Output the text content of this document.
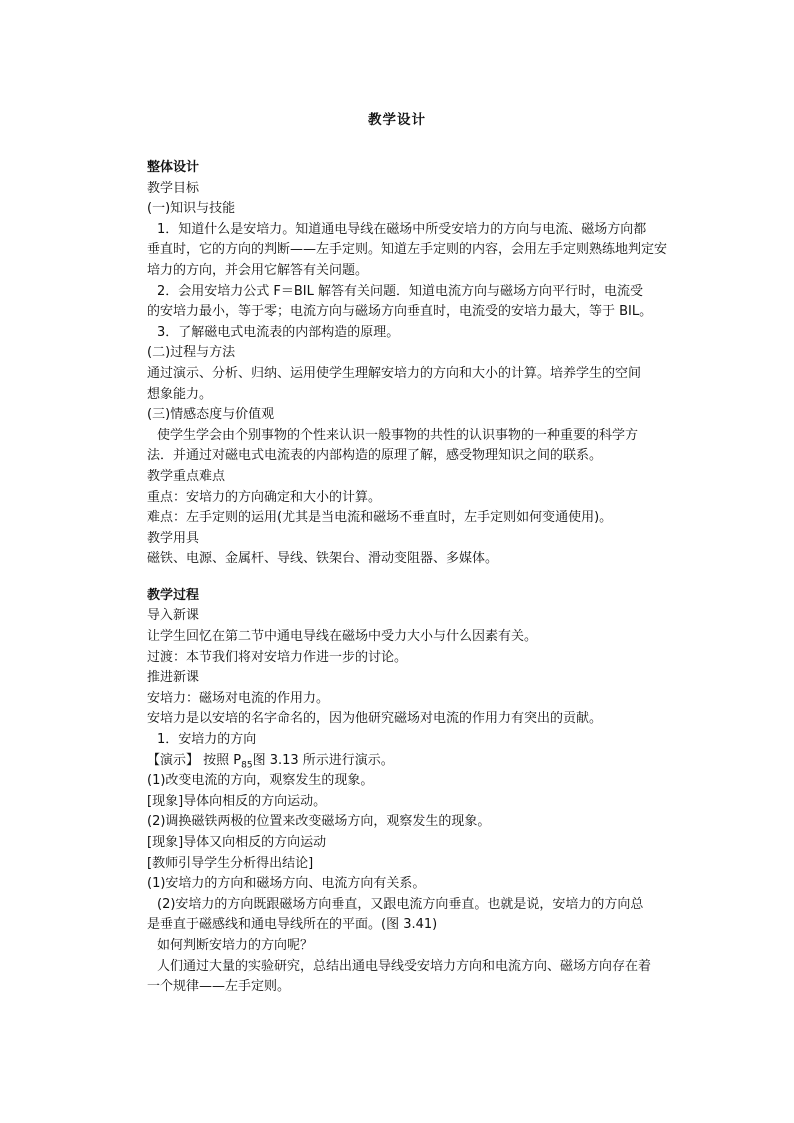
教学设计
整体设计
教学目标
(一)知识与技能
1．知道什么是安培力。知道通电导线在磁场中所受安培力的方向与电流、磁场方向都
垂直时，它的方向的判断——左手定则。知道左手定则的内容，会用左手定则熟练地判定安
培力的方向，并会用它解答有关问题。
2．会用安培力公式 F＝BIL 解答有关问题．知道电流方向与磁场方向平行时，电流受
的安培力最小，等于零；电流方向与磁场方向垂直时，电流受的安培力最大，等于 BIL。
3．了解磁电式电流表的内部构造的原理。
(二)过程与方法
通过演示、分析、归纳、运用使学生理解安培力的方向和大小的计算。培养学生的空间
想象能力。
(三)情感态度与价值观
使学生学会由个别事物的个性来认识一般事物的共性的认识事物的一种重要的科学方
法．并通过对磁电式电流表的内部构造的原理了解，感受物理知识之间的联系。
教学重点难点
重点：安培力的方向确定和大小的计算。
难点：左手定则的运用(尤其是当电流和磁场不垂直时，左手定则如何变通使用)。
教学用具
磁铁、电源、金属杆、导线、铁架台、滑动变阻器、多媒体。
教学过程
导入新课
让学生回忆在第二节中通电导线在磁场中受力大小与什么因素有关。
过渡：本节我们将对安培力作进一步的讨论。
推进新课
安培力：磁场对电流的作用力。
安培力是以安培的名字命名的，因为他研究磁场对电流的作用力有突出的贡献。
1．安培力的方向
【演示】 按照 $P_{85}$图 3.13 所示进行演示。
(1)改变电流的方向，观察发生的现象。
[现象]导体向相反的方向运动。
(2)调换磁铁两极的位置来改变磁场方向，观察发生的现象。
[现象]导体又向相反的方向运动
[教师引导学生分析得出结论]
(1)安培力的方向和磁场方向、电流方向有关系。
(2)安培力的方向既跟磁场方向垂直，又跟电流方向垂直。也就是说，安培力的方向总
是垂直于磁感线和通电导线所在的平面。(图 3.41)
如何判断安培力的方向呢？
人们通过大量的实验研究，总结出通电导线受安培力方向和电流方向、磁场方向存在着
一个规律——左手定则。
